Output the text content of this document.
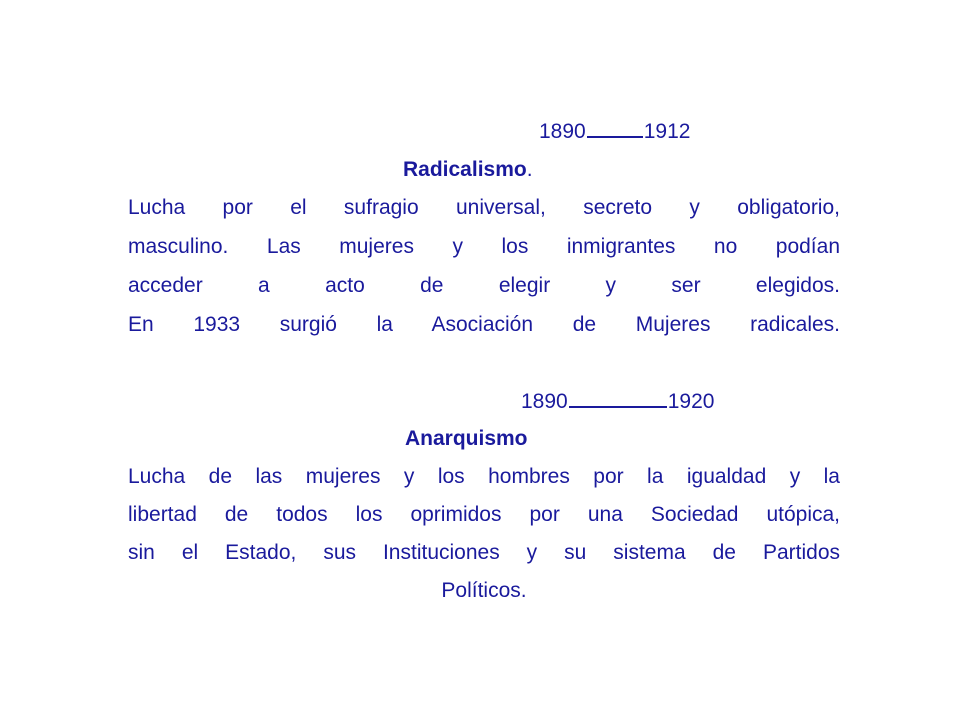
1890	1912
Radicalismo.
Lucha por el sufragio universal, secreto y obligatorio,
masculino. Las mujeres y los inmigrantes no podían
acceder a acto de elegir y ser elegidos.
En 1933 surgió la Asociación de Mujeres radicales.
1890	1920
Anarquismo
Lucha de las mujeres y los hombres por la igualdad y la
libertad de todos los oprimidos por una Sociedad utópica,
sin el Estado, sus Instituciones y su sistema de Partidos
Políticos.
